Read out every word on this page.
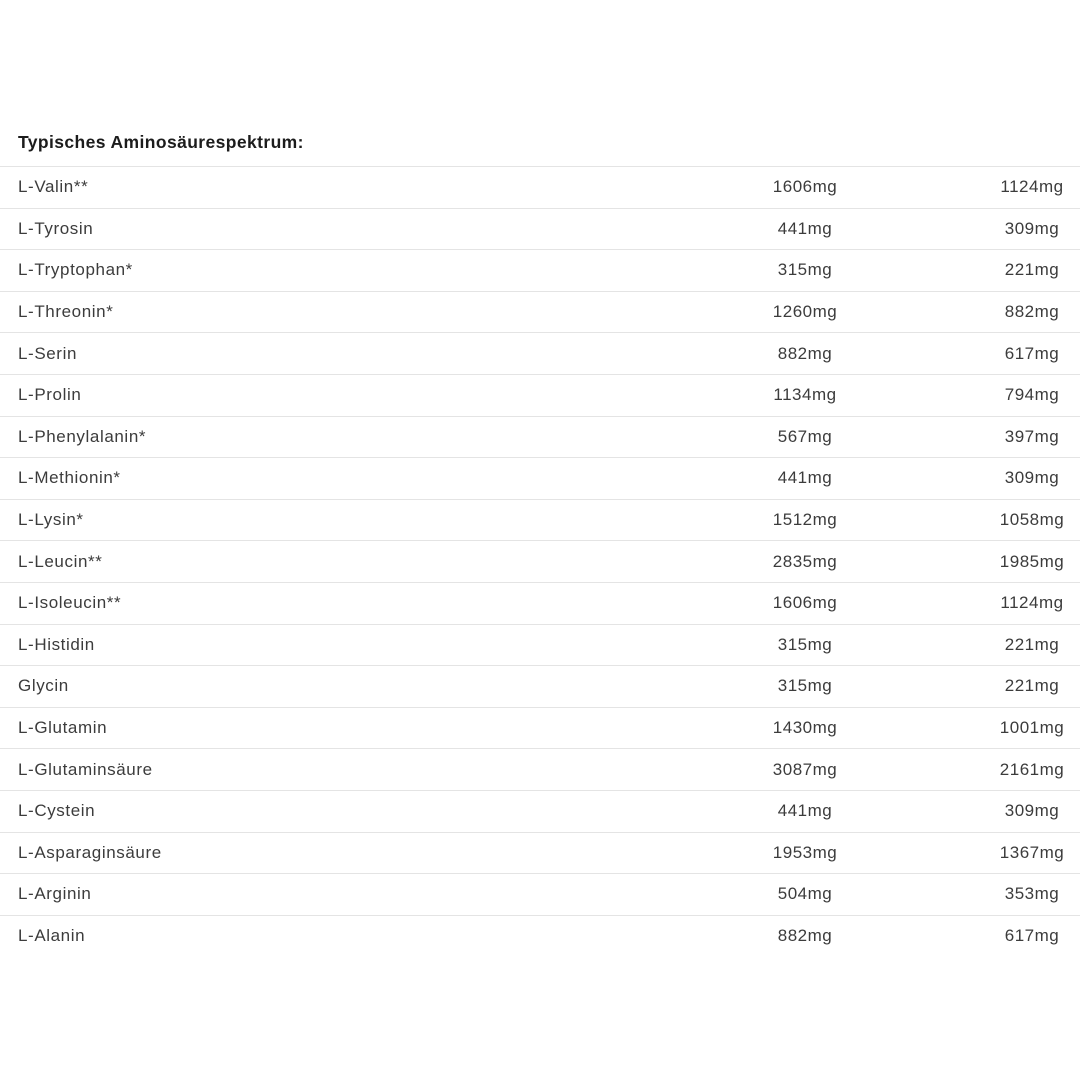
Typisches Aminosäurespektrum:
L-Valin**	1606mg	1124mg
L-Tyrosin	441mg	309mg
L-Tryptophan*	315mg	221mg
L-Threonin*	1260mg	882mg
L-Serin	882mg	617mg
L-Prolin	1134mg	794mg
L-Phenylalanin*	567mg	397mg
L-Methionin*	441mg	309mg
L-Lysin*	1512mg	1058mg
L-Leucin**	2835mg	1985mg
L-Isoleucin**	1606mg	1124mg
L-Histidin	315mg	221mg
Glycin	315mg	221mg
L-Glutamin	1430mg	1001mg
L-Glutaminsäure	3087mg	2161mg
L-Cystein	441mg	309mg
L-Asparaginsäure	1953mg	1367mg
L-Arginin	504mg	353mg
L-Alanin	882mg	617mg
